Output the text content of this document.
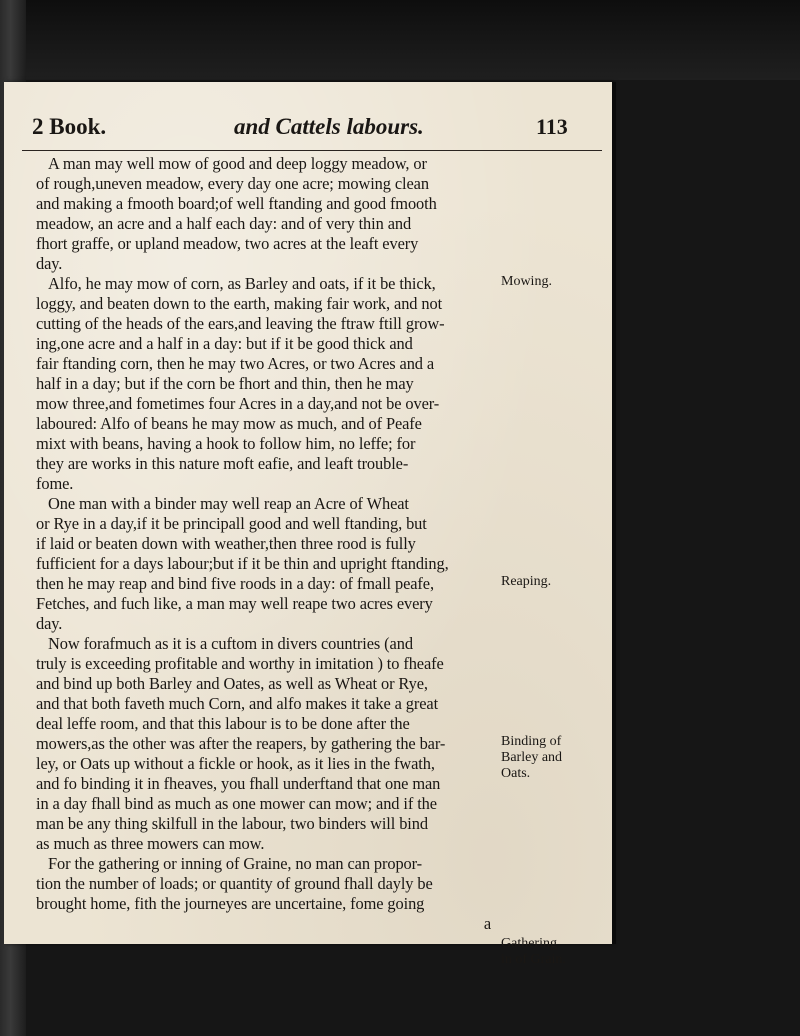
2 Book.	and Cattels labours.	113
A man may well mow of good and deep loggy meadow, or
of rough,uneven meadow, every day one acre; mowing clean
and making a fmooth board;of well ftanding and good fmooth
meadow, an acre and a half each day: and of very thin and
fhort graffe, or upland meadow, two acres at the leaft every
day.
Alfo, he may mow of corn, as Barley and oats, if it be thick,
loggy, and beaten down to the earth, making fair work, and not
cutting of the heads of the ears,and leaving the ftraw ftill grow-
ing,one acre and a half in a day: but if it be good thick and
fair ftanding corn, then he may two Acres, or two Acres and a
half in a day; but if the corn be fhort and thin, then he may
mow three,and fometimes four Acres in a day,and not be over-
laboured: Alfo of beans he may mow as much, and of Peafe
mixt with beans, having a hook to follow him, no leffe; for
they are works in this nature moft eafie, and leaft trouble-
fome.
One man with a binder may well reap an Acre of Wheat
or Rye in a day,if it be principall good and well ftanding, but
if laid or beaten down with weather,then three rood is fully
fufficient for a days labour;but if it be thin and upright ftanding,
then he may reap and bind five roods in a day: of fmall peafe,
Fetches, and fuch like, a man may well reape two acres every
day.
Now forafmuch as it is a cuftom in divers countries (and
truly is exceeding profitable and worthy in imitation ) to fheafe
and bind up both Barley and Oates, as well as Wheat or Rye,
and that both faveth much Corn, and alfo makes it take a great
deal leffe room, and that this labour is to be done after the
mowers,as the other was after the reapers, by gathering the bar-
ley, or Oats up without a fickle or hook, as it lies in the fwath,
and fo binding it in fheaves, you fhall underftand that one man
in a day fhall bind as much as one mower can mow; and if the
man be any thing skilfull in the labour, two binders will bind
as much as three mowers can mow.
For the gathering or inning of Graine, no man can propor-
tion the number of loads; or quantity of ground fhall dayly be
brought home, fith the journeyes are uncertaine, fome going
a
Mowing.
Reaping.
Binding of Barley and Oats.
Gathering in of Grain.
